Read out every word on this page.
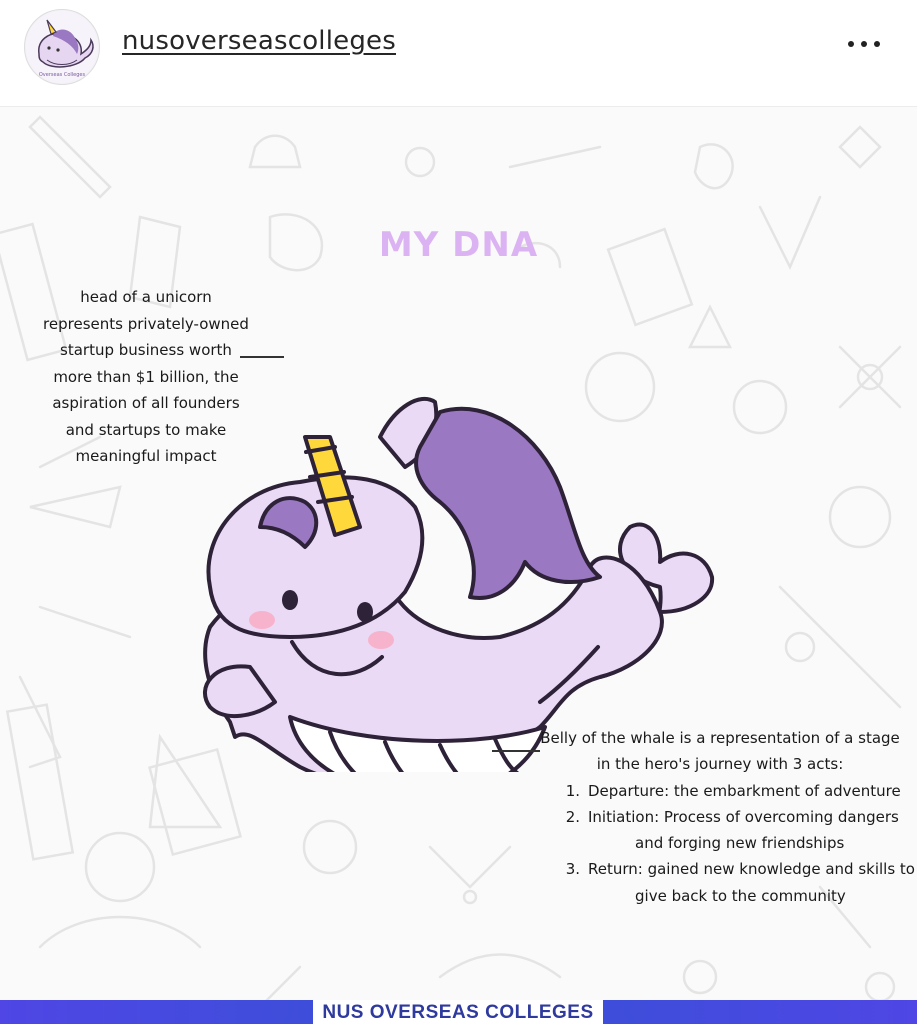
Overseas Colleges
nusoverseascolleges
MY DNA
head of a unicorn
represents privately-owned
startup business worth
more than $1 billion, the
aspiration of all founders
and startups to make
meaningful impact
Belly of the whale is a representation of a stage
in the hero's journey with 3 acts:
1. Departure: the embarkment of adventure
2. Initiation: Process of overcoming dangers
and forging new friendships
3. Return: gained new knowledge and skills to
give back to the community
NUS OVERSEAS COLLEGES
